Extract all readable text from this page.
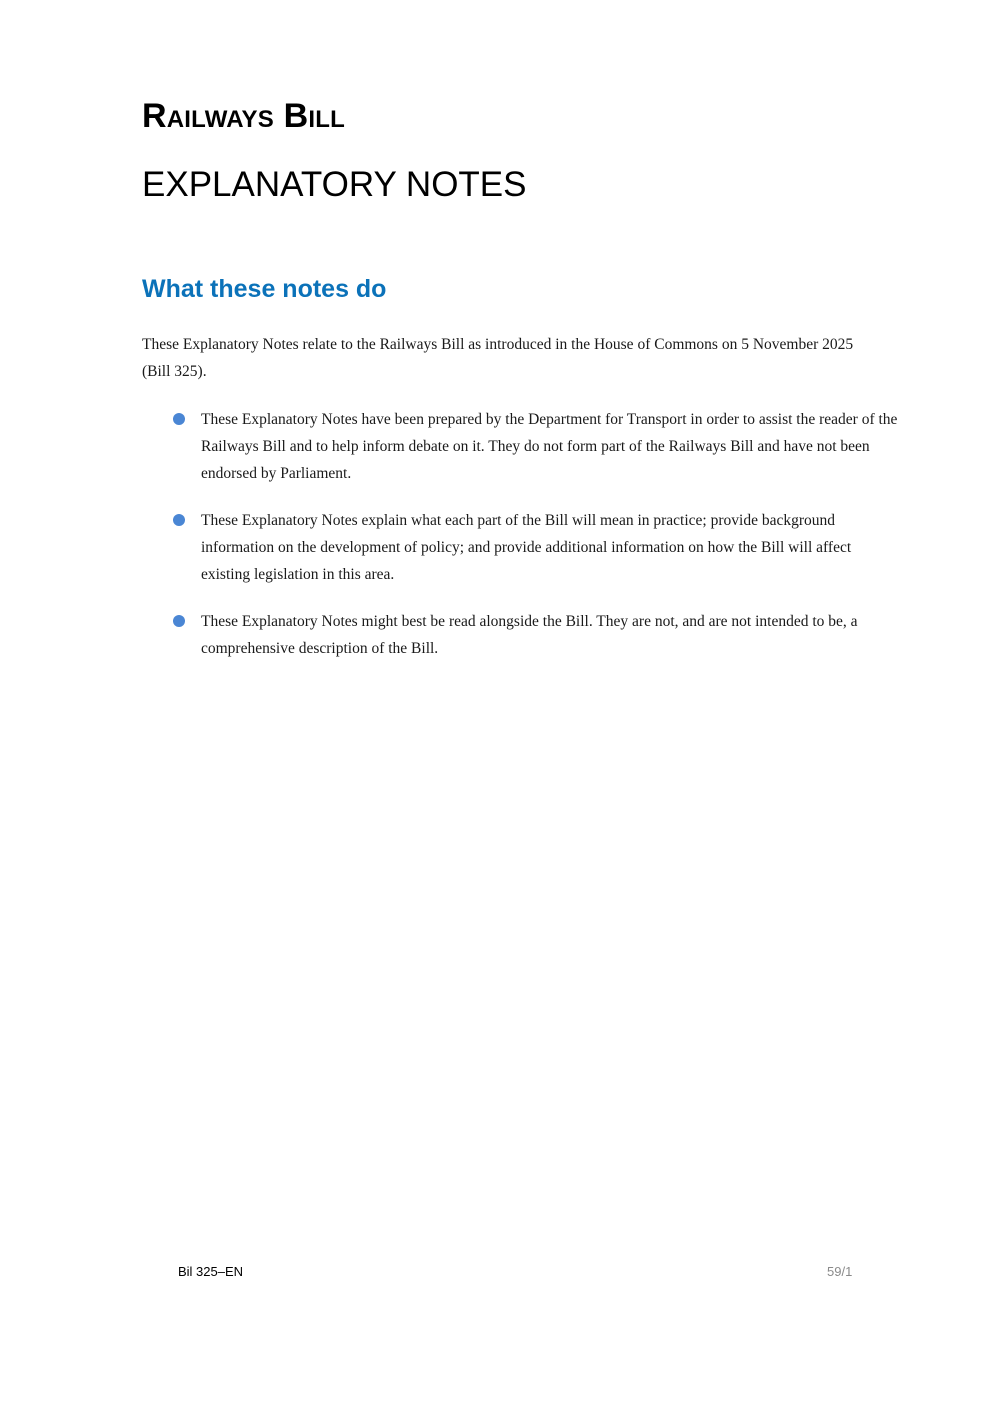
Railways Bill
EXPLANATORY NOTES
What these notes do

These Explanatory Notes relate to the Railways Bill as introduced in the House of Commons on 5 November 2025 (Bill 325).

These Explanatory Notes have been prepared by the Department for Transport in order to assist the reader of the Railways Bill and to help inform debate on it. They do not form part of the Railways Bill and have not been endorsed by Parliament.
These Explanatory Notes explain what each part of the Bill will mean in practice; provide background information on the development of policy; and provide additional information on how the Bill will affect existing legislation in this area.
These Explanatory Notes might best be read alongside the Bill. They are not, and are not intended to be, a comprehensive description of the Bill.
Bil 325–EN	59/1
